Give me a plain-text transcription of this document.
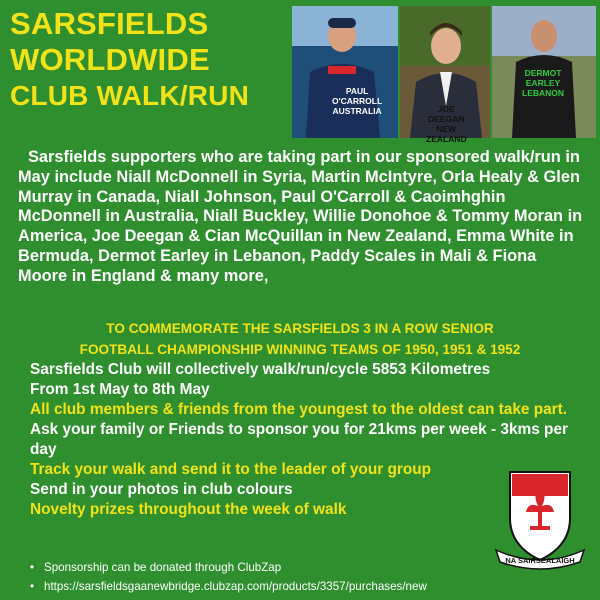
SARSFIELDS
WORLDWIDE
CLUB WALK/RUN	PAUL
O'CARROLL
AUSTRALIA	JOE
DEEGAN
NEW
ZEALAND
DERMOT
EARLEY
LEBANON

Sarsfields supporters who are taking part in our sponsored walk/run in May include Niall McDonnell in Syria, Martin McIntyre, Orla Healy & Glen Murray in Canada, Niall Johnson, Paul O'Carroll & Caoimhghin McDonnell in Australia, Niall Buckley, Willie Donohoe & Tommy Moran in America, Joe Deegan & Cian McQuillan in New Zealand, Emma White in Bermuda, Dermot Earley in Lebanon, Paddy Scales in Mali & Fiona Moore in England & many more,

TO COMMEMORATE THE SARSFIELDS 3 IN A ROW SENIOR
FOOTBALL CHAMPIONSHIP WINNING TEAMS OF 1950, 1951 & 1952
Sarsfields Club will collectively walk/run/cycle 5853 Kilometres
From 1st May to 8th May
All club members & friends from the youngest to the oldest can take part.
Ask your family or Friends to sponsor you for 21kms per week - 3kms per day
Track your walk and send it to the leader of your group
Send in your photos in club colours
Novelty prizes throughout the week of walk
• Sponsorship can be donated through ClubZap
• https://sarsfieldsgaanewbridge.clubzap.com/products/3357/purchases/new
NA SAIRSEALAIGH
